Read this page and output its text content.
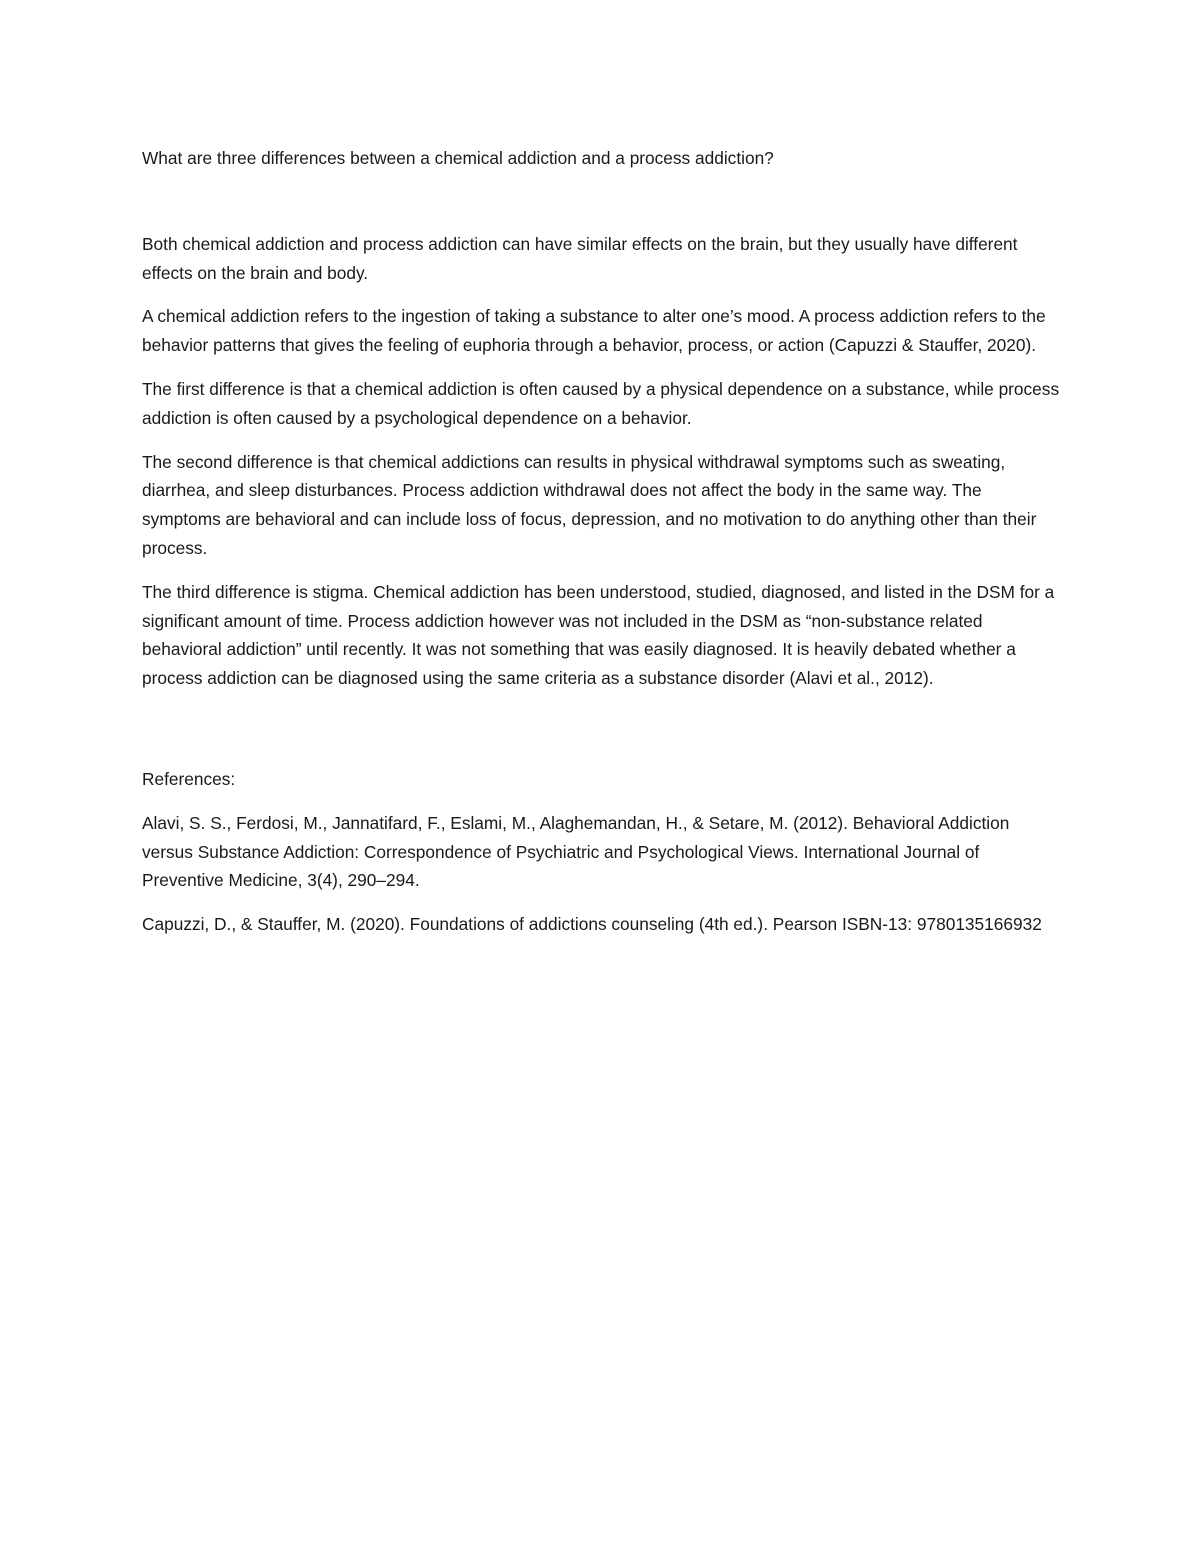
What are three differences between a chemical addiction and a process addiction?

Both chemical addiction and process addiction can have similar effects on the brain, but they usually have different effects on the brain and body.

A chemical addiction refers to the ingestion of taking a substance to alter one’s mood. A process addiction refers to the behavior patterns that gives the feeling of euphoria through a behavior, process, or action (Capuzzi & Stauffer, 2020).

The first difference is that a chemical addiction is often caused by a physical dependence on a substance, while process addiction is often caused by a psychological dependence on a behavior.

The second difference is that chemical addictions can results in physical withdrawal symptoms such as sweating, diarrhea, and sleep disturbances. Process addiction withdrawal does not affect the body in the same way. The symptoms are behavioral and can include loss of focus, depression, and no motivation to do anything other than their process.

The third difference is stigma. Chemical addiction has been understood, studied, diagnosed, and listed in the DSM for a significant amount of time. Process addiction however was not included in the DSM as “non-substance related behavioral addiction” until recently. It was not something that was easily diagnosed. It is heavily debated whether a process addiction can be diagnosed using the same criteria as a substance disorder (Alavi et al., 2012).

References:

Alavi, S. S., Ferdosi, M., Jannatifard, F., Eslami, M., Alaghemandan, H., & Setare, M. (2012). Behavioral Addiction versus Substance Addiction: Correspondence of Psychiatric and Psychological Views. International Journal of Preventive Medicine, 3(4), 290–294.

Capuzzi, D., & Stauffer, M. (2020). Foundations of addictions counseling (4th ed.). Pearson ISBN-13: 9780135166932
